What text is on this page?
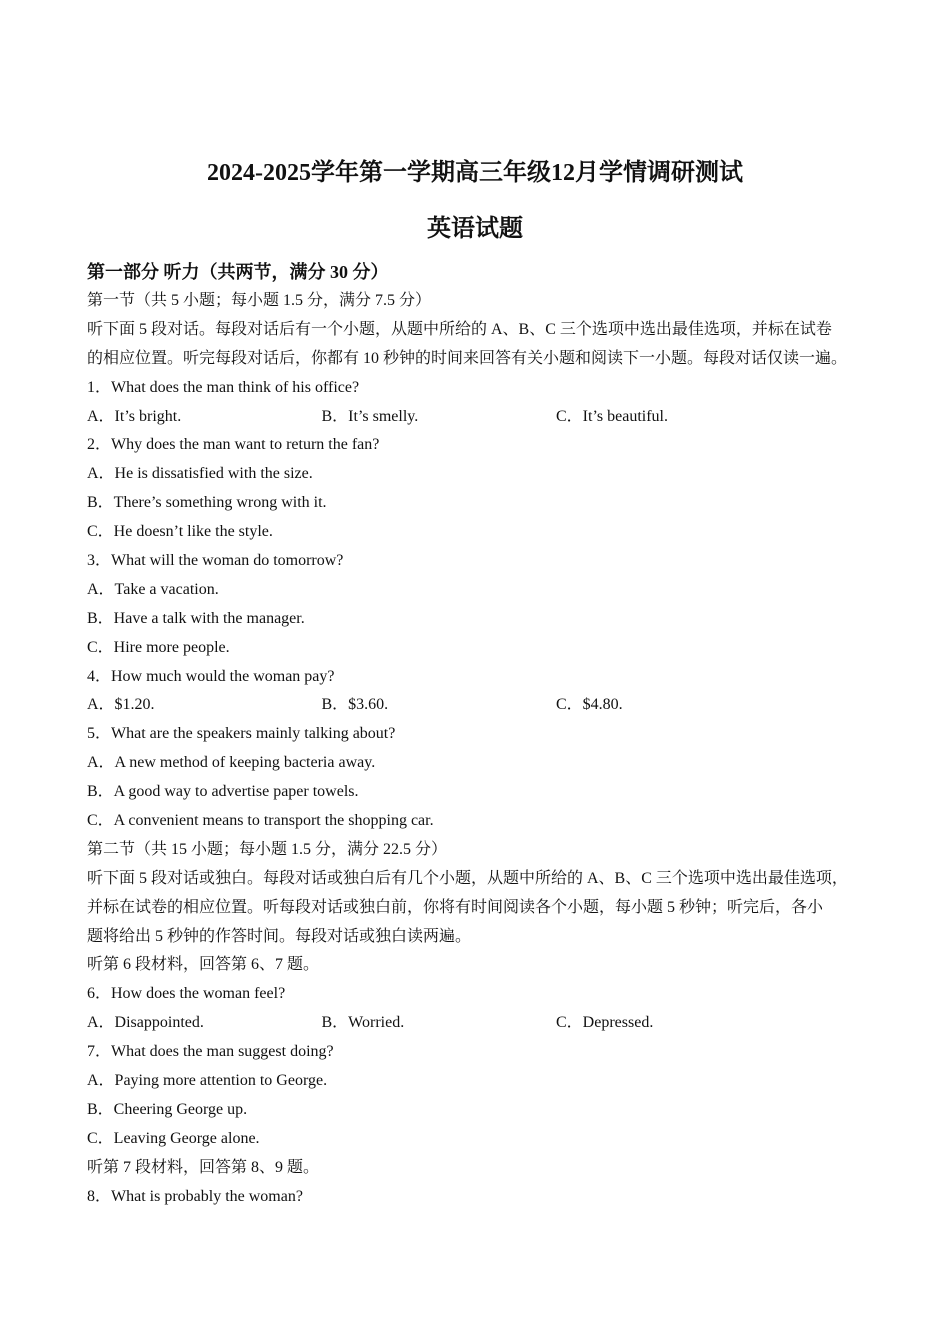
2024-2025学年第一学期高三年级12月学情调研测试
英语试题
第一部分 听力（共两节，满分 30 分）
第一节（共 5 小题；每小题 1.5 分，满分 7.5 分）
听下面 5 段对话。每段对话后有一个小题，从题中所给的 A、B、C 三个选项中选出最佳选项，并标在试卷
的相应位置。听完每段对话后，你都有 10 秒钟的时间来回答有关小题和阅读下一小题。每段对话仅读一遍。
1．What does the man think of his office?
A．It’s bright.	B．It’s smelly.	C．It’s beautiful.
2．Why does the man want to return the fan?
A．He is dissatisfied with the size.
B．There’s something wrong with it.
C．He doesn’t like the style.
3．What will the woman do tomorrow?
A．Take a vacation.
B．Have a talk with the manager.
C．Hire more people.
4．How much would the woman pay?
A．$1.20.	B．$3.60.	C．$4.80.
5．What are the speakers mainly talking about?
A．A new method of keeping bacteria away.
B．A good way to advertise paper towels.
C．A convenient means to transport the shopping car.
第二节（共 15 小题；每小题 1.5 分，满分 22.5 分）
听下面 5 段对话或独白。每段对话或独白后有几个小题，从题中所给的 A、B、C 三个选项中选出最佳选项，
并标在试卷的相应位置。听每段对话或独白前，你将有时间阅读各个小题，每小题 5 秒钟；听完后，各小
题将给出 5 秒钟的作答时间。每段对话或独白读两遍。
听第 6 段材料，回答第 6、7 题。
6．How does the woman feel?
A．Disappointed.	B．Worried.	C．Depressed.
7．What does the man suggest doing?
A．Paying more attention to George.
B．Cheering George up.
C．Leaving George alone.
听第 7 段材料，回答第 8、9 题。
8．What is probably the woman?
